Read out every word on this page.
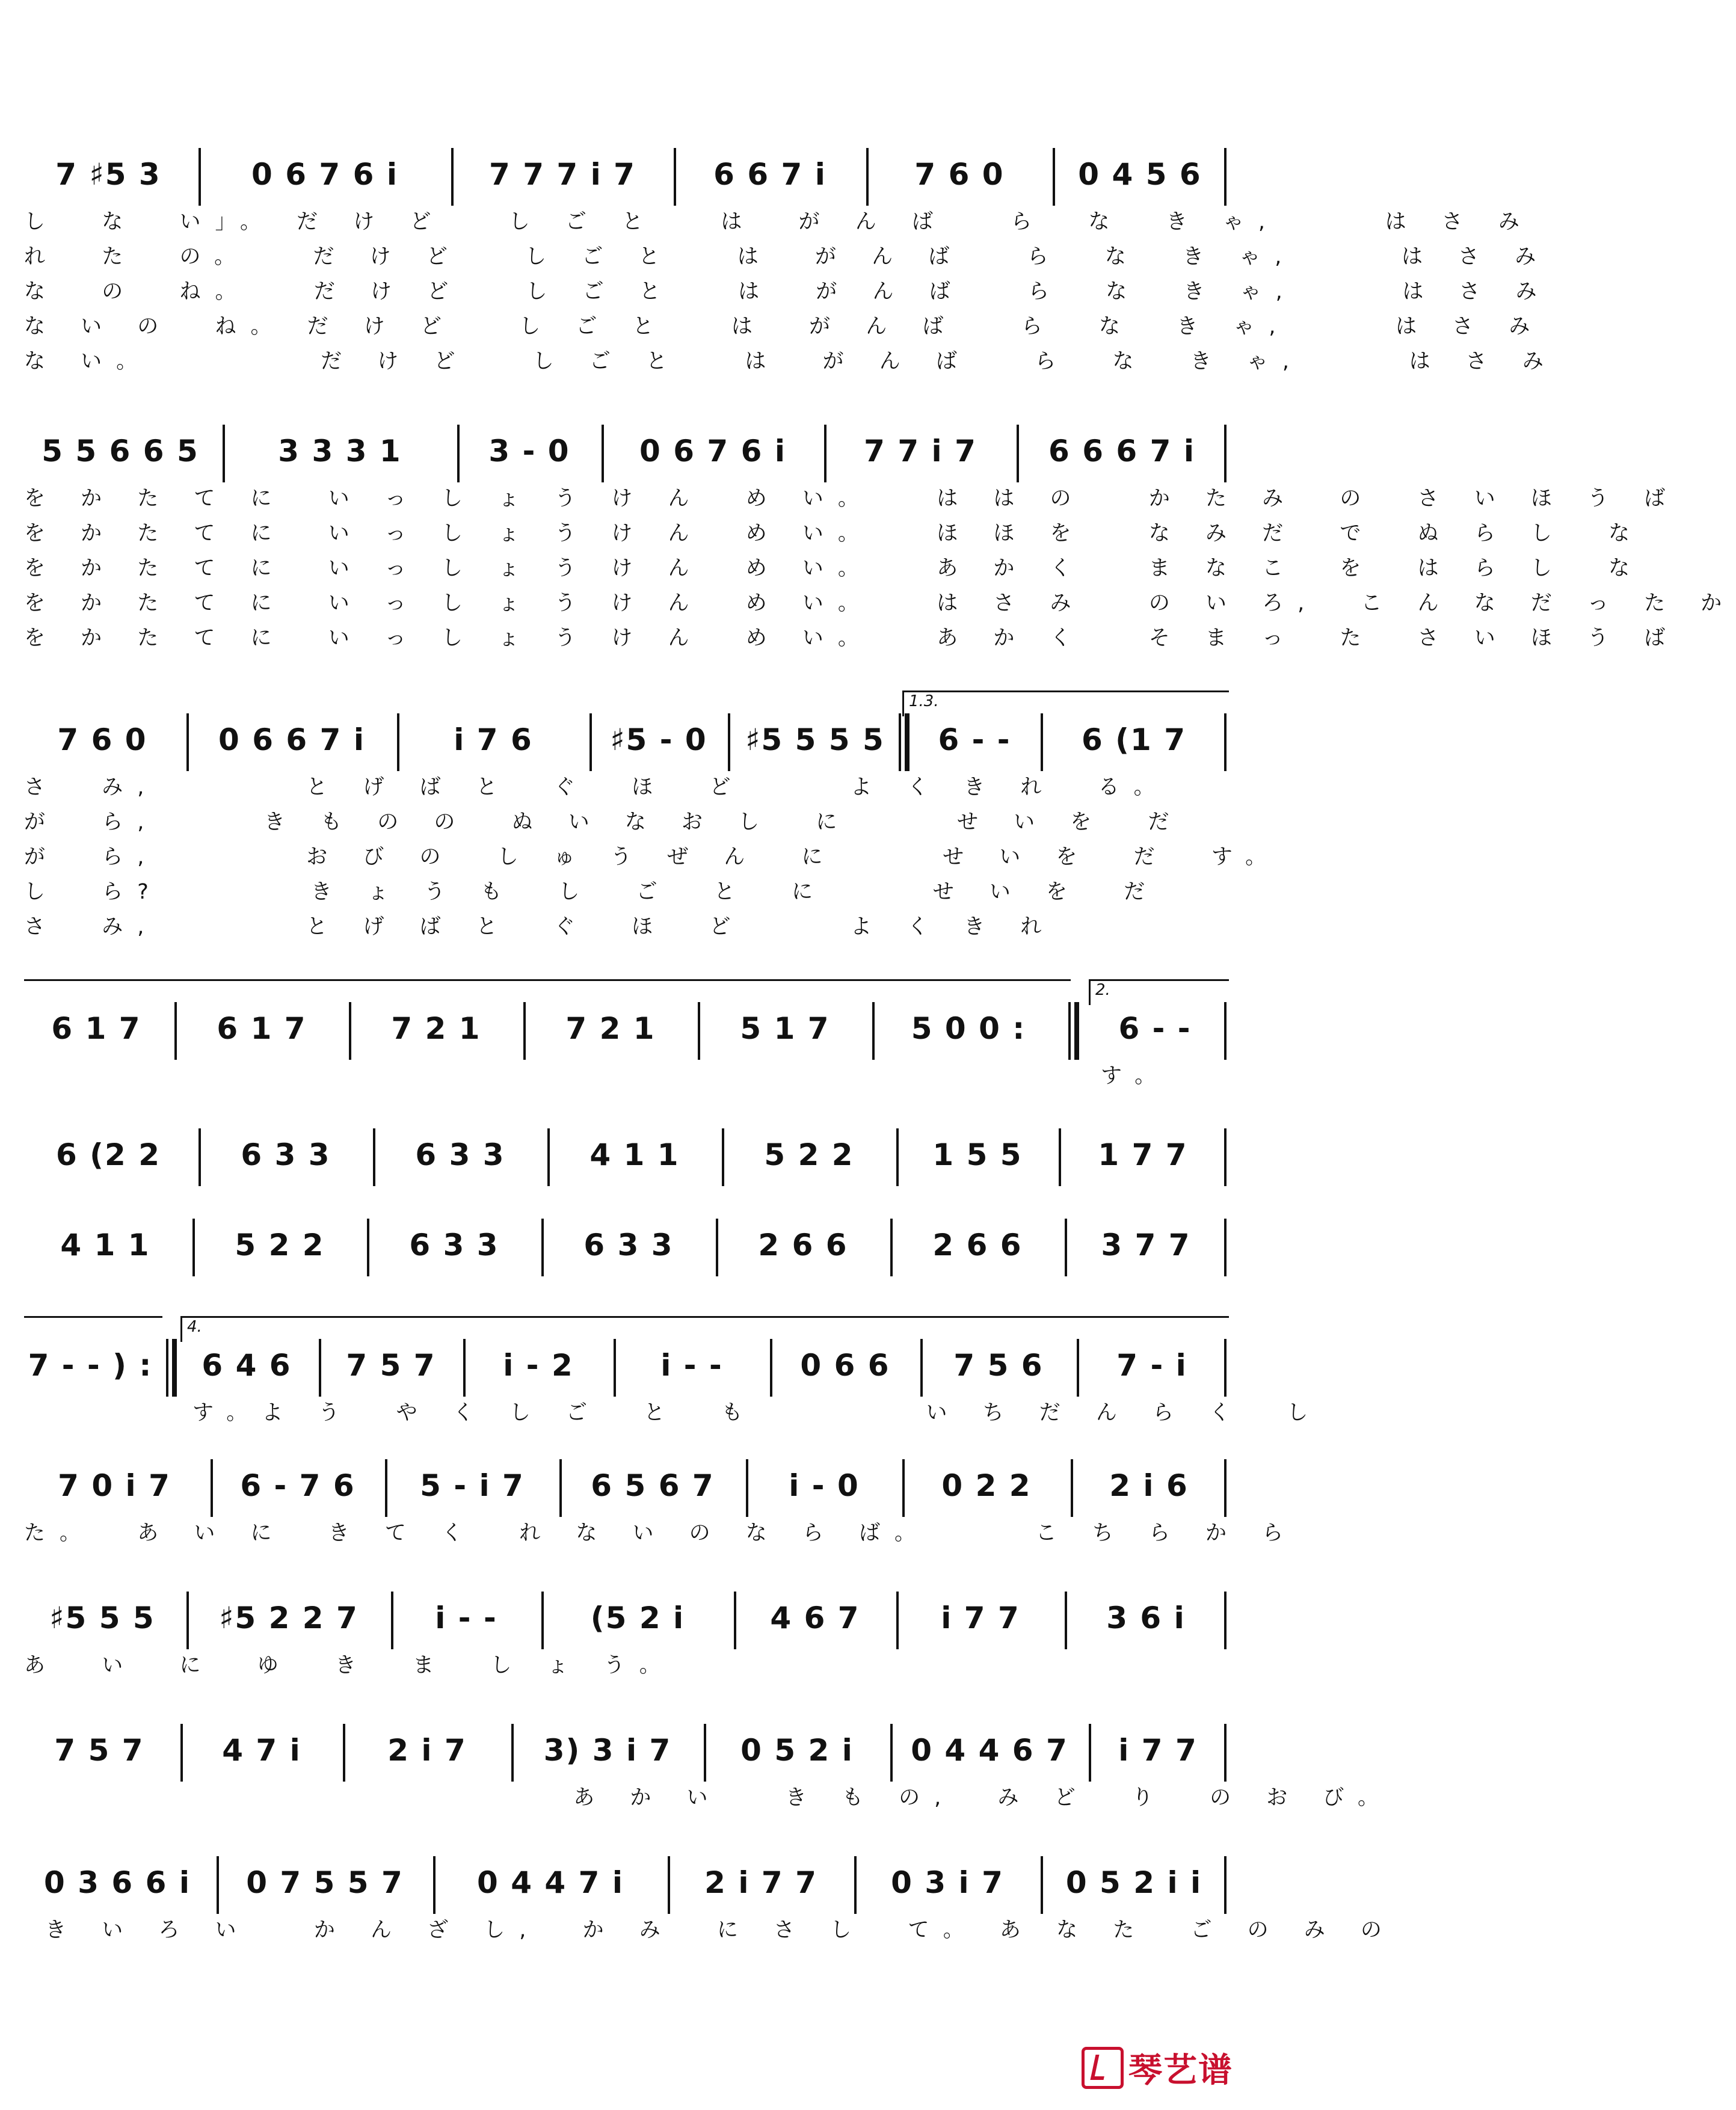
7 ♯5 3	0 6 7 6 i	7 7 7 i 7	6 6 7 i	7 6 0	0 4 5 6
し  な  い」。 だ け ど   し ご と   は  が ん ば   ら  な  き ゃ,     は さ み
れ  た  の。   だ け ど   し ご と   は  が ん ば   ら  な  き ゃ,     は さ み
な  の  ね。   だ け ど   し ご と   は  が ん ば   ら  な  き ゃ,     は さ み
な い の  ね。 だ け ど   し ご と   は  が ん ば   ら  な  き ゃ,     は さ み
な い。        だ け ど   し ご と   は  が ん ば   ら  な  き ゃ,     は さ み
5 5 6 6 5	3 3 3 1	3 - 0	0 6 7 6 i	7 7 i 7	6 6 6 7 i
を か た て に  い っ し ょ う け ん  め い。   は は の   か た み  の  さ い ほ う ば
を か た て に  い っ し ょ う け ん  め い。   ほ ほ を   な み だ  で  ぬ ら し  な
を か た て に  い っ し ょ う け ん  め い。   あ か く   ま な こ  を  は ら し  な
を か た て に  い っ し ょ う け ん  め い。   は さ み   の い ろ,  こ ん な だ っ た か
を か た て に  い っ し ょ う け ん  め い。   あ か く   そ ま っ  た  さ い ほ う ば
1.3.
7 6 0	0 6 6 7 i	i 7 6	♯5 - 0	♯5 5 5 5	6 - -	6 (1 7
さ  み,       と げ ば と  ぐ  ほ  ど     よ く き れ  る。
が  ら,     き も の の  ぬ い な お し  に     せ い を  だ
が  ら,       お び の  し ゅ う ぜ ん  に     せ い を  だ  す。
し  ら?       き ょ う も  し  ご  と  に     せ い を  だ
さ  み,       と げ ば と  ぐ  ほ  ど     よ く き れ
2.
6 1 7	6 1 7	7 2 1	7 2 1	5 1 7	5 0 0 :	6 - -
す。
6 (2 2	6 3 3	6 3 3	4 1 1	5 2 2	1 5 5	1 7 7
4 1 1	5 2 2	6 3 3	6 3 3	2 6 6	2 6 6	3 7 7
4.
7 - - ) :	6 4 6	7 5 7	i - 2	i - -	0 6 6	7 5 6	7 - i
す。よ う  や く し ご  と  も        い ち だ ん ら く  し
7 0 i 7	6 - 7 6	5 - i 7	6 5 6 7	i - 0	0 2 2	2 i 6
た。  あ い に  き て く  れ な い の な ら ば。     こ ち ら か ら
♯5 5 5	♯5 2 2 7	i - -	(5 2 i	4 6 7	i 7 7	3 6 i
あ  い  に  ゆ  き  ま  し ょ う。
7 5 7	4 7 i	2 i 7	3) 3 i 7	0 5 2 i	0 4 4 6 7	i 7 7
あ か い   き も の,  み ど  り  の お び。
0 3 6 6 i	0 7 5 5 7	0 4 4 7 i	2 i 7 7	0 3 i 7	0 5 2 i i
き い ろ い   か ん ざ し,  か み  に さ し  て。 あ な た  ご の み の
琴艺谱
